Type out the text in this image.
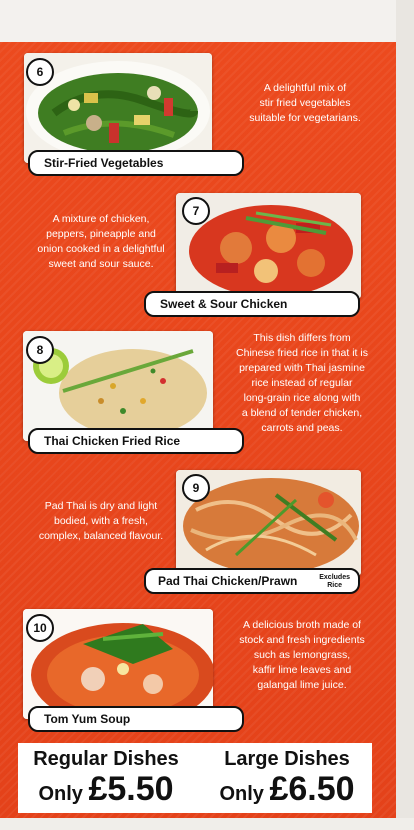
6
Stir-Fried Vegetables
A delightful mix of
stir fried vegetables
suitable for vegetarians.
7
Sweet & Sour Chicken
A mixture of chicken,
peppers, pineapple and
onion cooked in a delightful
sweet and sour sauce.
8
Thai Chicken Fried Rice
This dish differs from
Chinese fried rice in that it is
prepared with Thai jasmine
rice instead of regular
long-grain rice along with
a blend of tender chicken,
carrots and peas.
9
Pad Thai Chicken/Prawn	Excludes
Rice
Pad Thai is dry and light
bodied, with a fresh,
complex, balanced flavour.
10
Tom Yum Soup
A delicious broth made of
stock and fresh ingredients
such as lemongrass,
kaffir lime leaves and
galangal lime juice.
Regular Dishes
Only £5.50
Large Dishes
Only £6.50
